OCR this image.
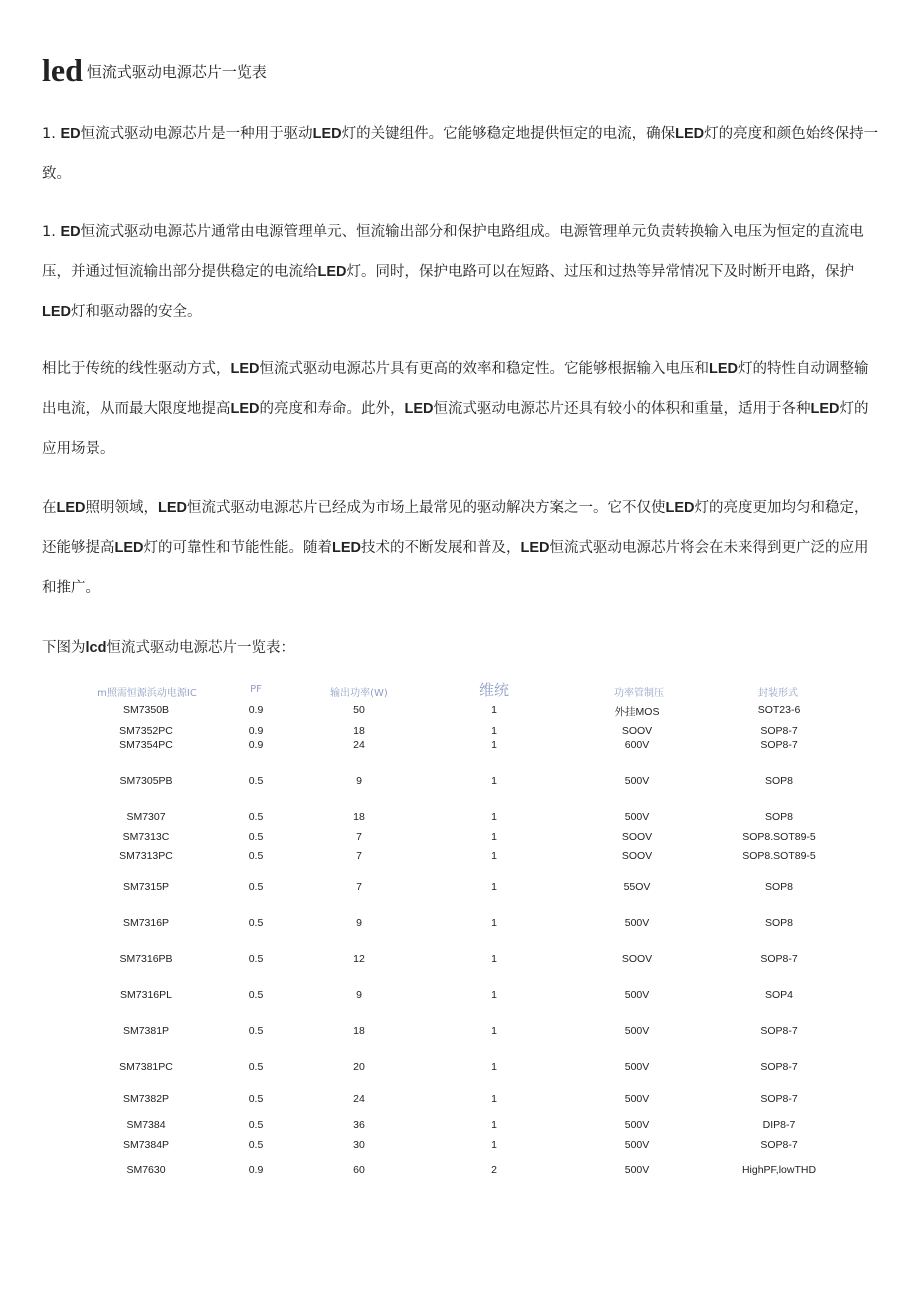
led 恒流式驱动电源芯片一览表

1. ED恒流式驱动电源芯片是一种用于驱动LED灯的关键组件。它能够稳定地提供恒定的电流，确保LED灯的亮度和颜色始终保持一致。

1. ED恒流式驱动电源芯片通常由电源管理单元、恒流输出部分和保护电路组成。电源管理单元负责转换输入电压为恒定的直流电压，并通过恒流输出部分提供稳定的电流给LED灯。同时，保护电路可以在短路、过压和过热等异常情况下及时断开电路，保护LED灯和驱动器的安全。

相比于传统的线性驱动方式，LED恒流式驱动电源芯片具有更高的效率和稳定性。它能够根据输入电压和LED灯的特性自动调整输出电流，从而最大限度地提高LED的亮度和寿命。此外，LED恒流式驱动电源芯片还具有较小的体积和重量，适用于各种LED灯的应用场景。

在LED照明领域，LED恒流式驱动电源芯片已经成为市场上最常见的驱动解决方案之一。它不仅使LED灯的亮度更加均匀和稳定，还能够提高LED灯的可靠性和节能性能。随着LED技术的不断发展和普及，LED恒流式驱动电源芯片将会在未来得到更广泛的应用和推广。

下图为lcd恒流式驱动电源芯片一览表：

m照需恒源浜动电源IC	PF	输出功率(W)	维统	功率管制压	封装形式
SM7350B	0.9	50	1	外挂MOS	SOT23-6
SM7352PC	0.9	18	1	SOOV	SOP8-7
SM7354PC	0.9	24	1	600V	SOP8-7
SM7305PB	0.5	9	1	500V	SOP8
SM7307	0.5	18	1	500V	SOP8
SM7313C	0.5	7	1	SOOV	SOP8.SOT89-5
SM7313PC	0.5	7	1	SOOV	SOP8.SOT89-5
SM7315P	0.5	7	1	55OV	SOP8
SM7316P	0.5	9	1	500V	SOP8
SM7316PB	0.5	12	1	SOOV	SOP8-7
SM7316PL	0.5	9	1	500V	SOP4
SM7381P	0.5	18	1	500V	SOP8-7
SM7381PC	0.5	20	1	500V	SOP8-7
SM7382P	0.5	24	1	500V	SOP8-7
SM7384	0.5	36	1	500V	DIP8-7
SM7384P	0.5	30	1	500V	SOP8-7
SM7630	0.9	60	2	500V	HighPF,lowTHD
